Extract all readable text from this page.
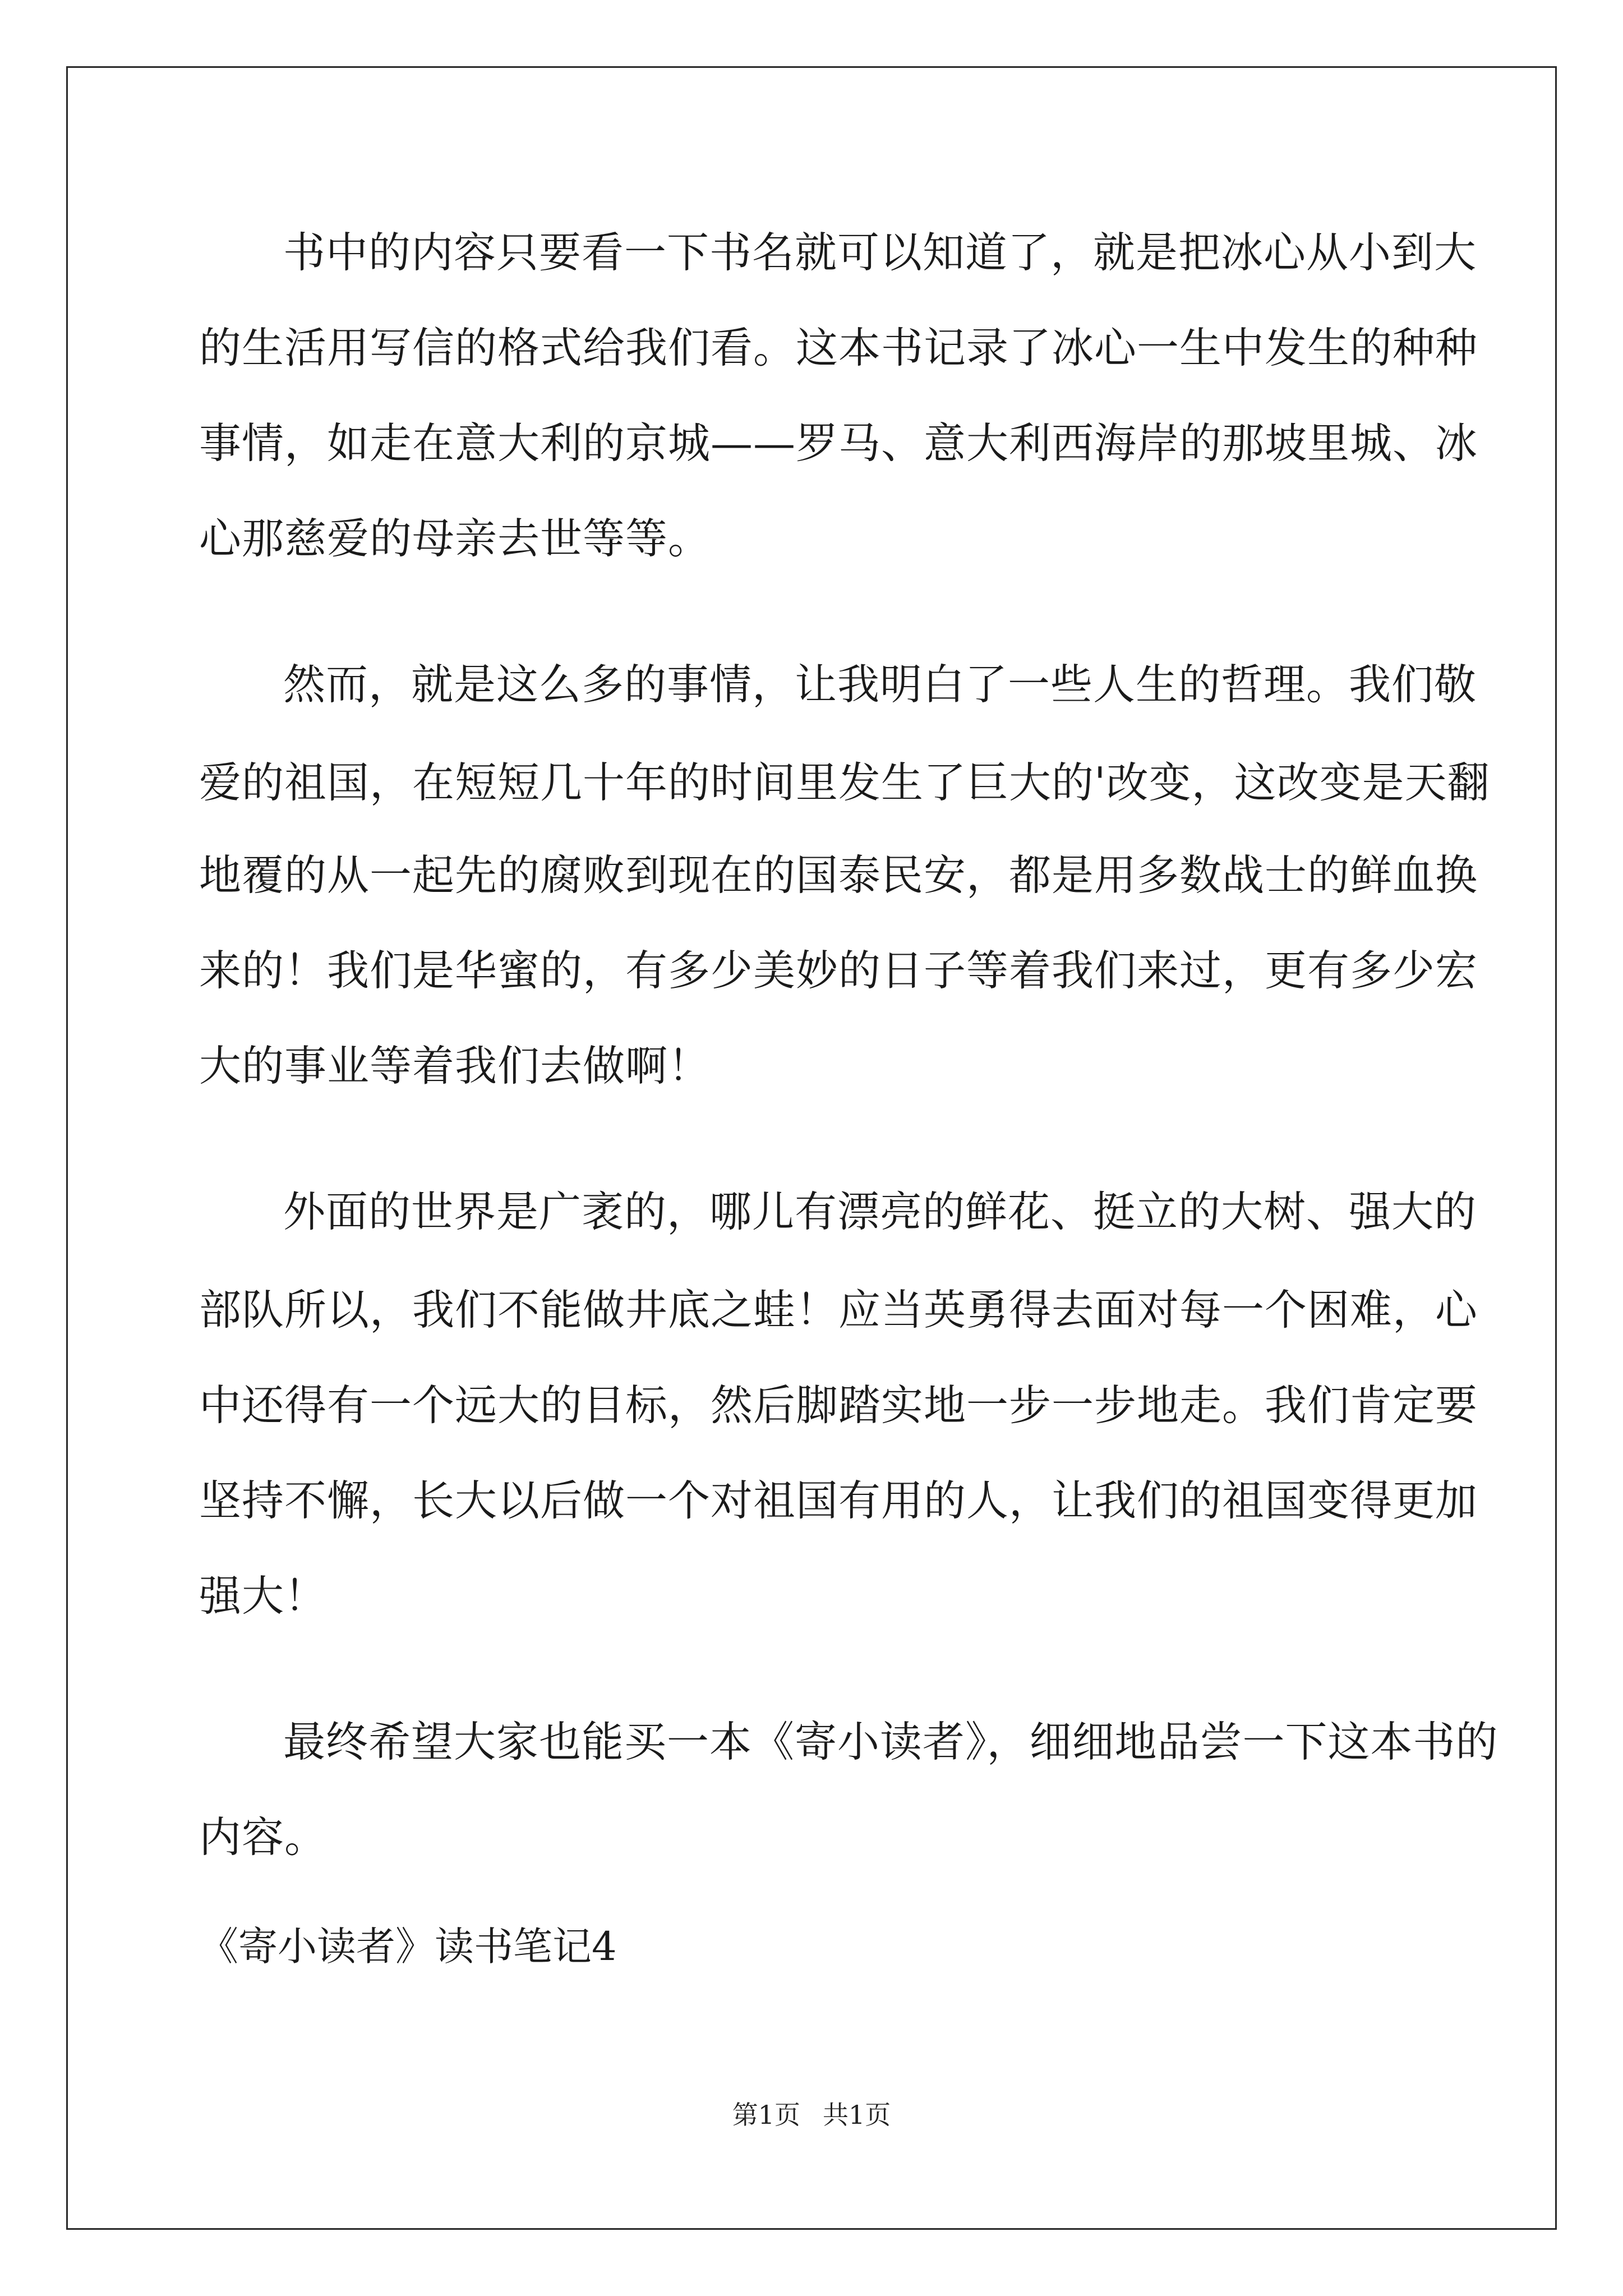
书中的内容只要看一下书名就可以知道了，就是把冰心从小到大
的生活用写信的格式给我们看。这本书记录了冰心一生中发生的种种
事情，如走在意大利的京城——罗马、意大利西海岸的那坡里城、冰
心那慈爱的母亲去世等等。
然而，就是这么多的事情，让我明白了一些人生的哲理。我们敬
爱的祖国，在短短几十年的时间里发生了巨大的'改变，这改变是天翻
地覆的从一起先的腐败到现在的国泰民安，都是用多数战士的鲜血换
来的！我们是华蜜的，有多少美妙的日子等着我们来过，更有多少宏
大的事业等着我们去做啊！
外面的世界是广袤的，哪儿有漂亮的鲜花、挺立的大树、强大的
部队所以，我们不能做井底之蛙！应当英勇得去面对每一个困难，心
中还得有一个远大的目标，然后脚踏实地一步一步地走。我们肯定要
坚持不懈，长大以后做一个对祖国有用的人，让我们的祖国变得更加
强大！
最终希望大家也能买一本《寄小读者》，细细地品尝一下这本书的
内容。
《寄小读者》读书笔记4
第1页 共1页
